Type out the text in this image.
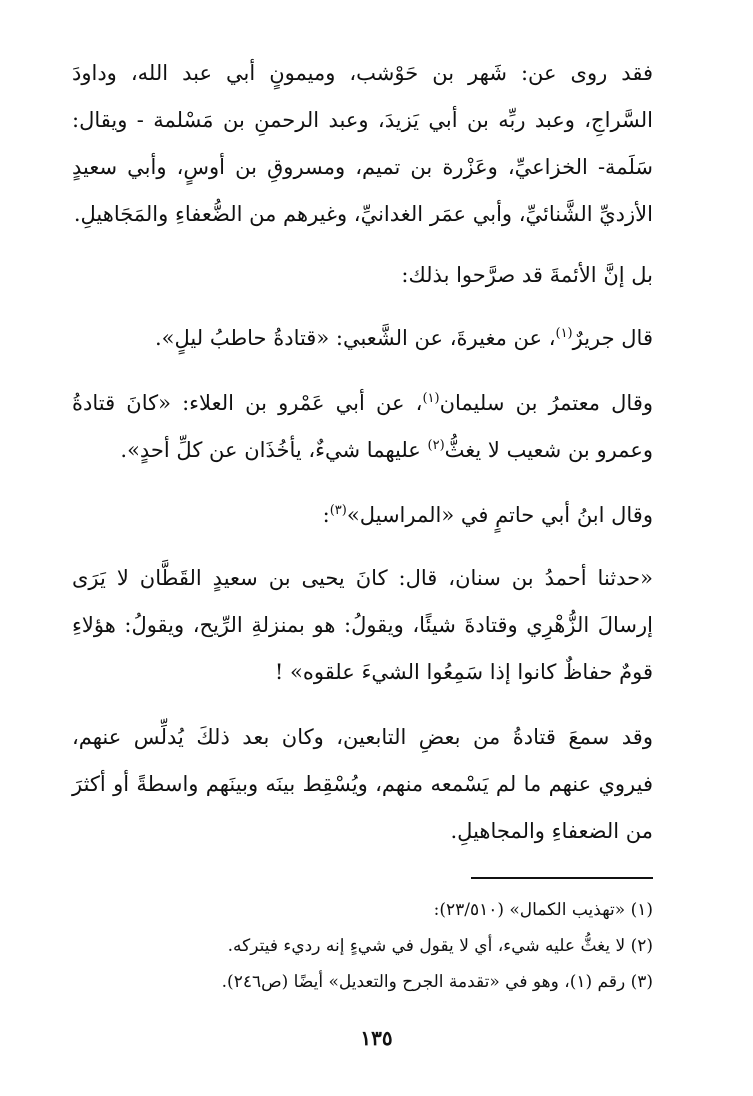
فقد روى عن: شَهر بن حَوْشب، وميمونٍ أبي عبد الله، وداودَ السَّراجِ، وعبد ربِّه بن أبي يَزيدَ، وعبد الرحمنِ بن مَسْلمة - ويقال: سَلَمة- الخزاعيِّ، وعَزْرة بن تميم، ومسروقِ بن أوسٍ، وأبي سعيدٍ الأزديِّ الشَّنائيِّ، وأبي عمَر الغدانيِّ، وغيرهم من الضُّعفاءِ والمَجَاهيلِ.

بل إنَّ الأئمةَ قد صرَّحوا بذلك:

قال جريرٌ$^{(١)}$، عن مغيرةَ، عن الشَّعبي: «قتادةُ حاطبُ ليلٍ».

وقال معتمرُ بن سليمان$^{(١)}$، عن أبي عَمْرو بن العلاء: «كانَ قتادةُ وعمرو بن شعيب لا يغثُّ$^{(٢)}$ عليهما شيءٌ، يأخُذَان عن كلِّ أحدٍ».

وقال ابنُ أبي حاتمٍ في «المراسيل»$^{(٣)}$:

«حدثنا أحمدُ بن سنان، قال: كانَ يحيى بن سعيدٍ القَطَّان لا يَرَى إرسالَ الزُّهْرِي وقتادةَ شيئًا، ويقولُ: هو بمنزلةِ الرِّيح، ويقولُ: هؤلاءِ قومٌ حفاظٌ كانوا إذا سَمِعُوا الشيءَ علقوه» !

وقد سمعَ قتادةُ من بعضِ التابعين، وكان بعد ذلكَ يُدلِّس عنهم، فيروي عنهم ما لم يَسْمعه منهم، ويُسْقِط بينَه وبينَهم واسطةً أو أكثرَ من الضعفاءِ والمجاهيلِ.

(١) «تهذيب الكمال» (٢٣/٥١٠):

(٢) لا يغثُّ عليه شيء، أي لا يقول في شيءٍ إنه رديء فيتركه.

(٣) رقم (١)، وهو في «تقدمة الجرح والتعديل» أيضًا (ص٢٤٦).

١٣٥
